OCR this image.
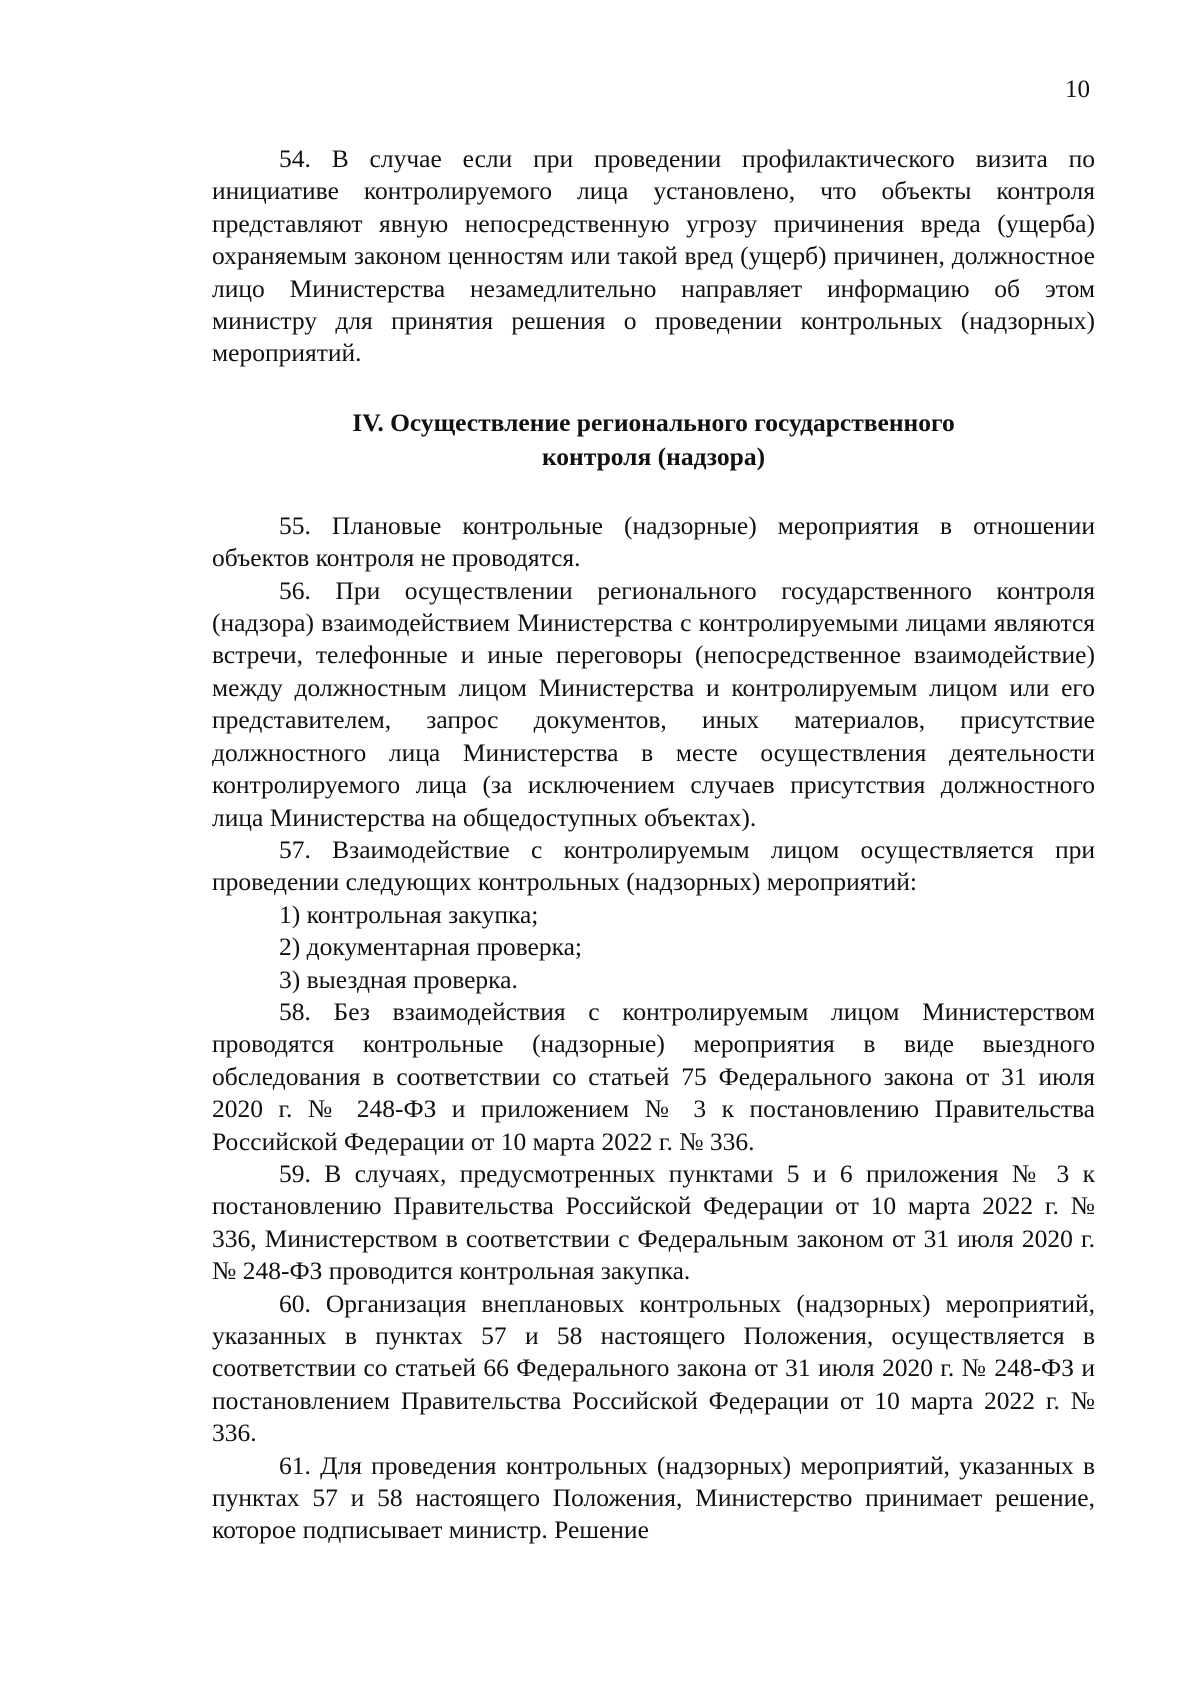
10

54. В случае если при проведении профилактического визита по инициативе контролируемого лица установлено, что объекты контроля представляют явную непосредственную угрозу причинения вреда (ущерба) охраняемым законом ценностям или такой вред (ущерб) причинен, должностное лицо Министерства незамедлительно направляет информацию об этом министру для принятия решения о проведении контрольных (надзорных) мероприятий.

IV. Осуществление регионального государственного
контроля (надзора)

55. Плановые контрольные (надзорные) мероприятия в отношении объектов контроля не проводятся.

56. При осуществлении регионального государственного контроля (надзора) взаимодействием Министерства с контролируемыми лицами являются встречи, телефонные и иные переговоры (непосредственное взаимодействие) между должностным лицом Министерства и контролируемым лицом или его представителем, запрос документов, иных материалов, присутствие должностного лица Министерства в месте осуществления деятельности контролируемого лица (за исключением случаев присутствия должностного лица Министерства на общедоступных объектах).

57. Взаимодействие с контролируемым лицом осуществляется при проведении следующих контрольных (надзорных) мероприятий:

1) контрольная закупка;

2) документарная проверка;

3) выездная проверка.

58. Без взаимодействия с контролируемым лицом Министерством проводятся контрольные (надзорные) мероприятия в виде выездного обследования в соответствии со статьей 75 Федерального закона от 31 июля 2020 г. № 248-ФЗ и приложением № 3 к постановлению Правительства Российской Федерации от 10 марта 2022 г. № 336.

59. В случаях, предусмотренных пунктами 5 и 6 приложения № 3 к постановлению Правительства Российской Федерации от 10 марта 2022 г. № 336, Министерством в соответствии с Федеральным законом от 31 июля 2020 г. № 248-ФЗ проводится контрольная закупка.

60. Организация внеплановых контрольных (надзорных) мероприятий, указанных в пунктах 57 и 58 настоящего Положения, осуществляется в соответствии со статьей 66 Федерального закона от 31 июля 2020 г. № 248-ФЗ и постановлением Правительства Российской Федерации от 10 марта 2022 г. № 336.

61. Для проведения контрольных (надзорных) мероприятий, указанных в пунктах 57 и 58 настоящего Положения, Министерство принимает решение, которое подписывает министр. Решение
